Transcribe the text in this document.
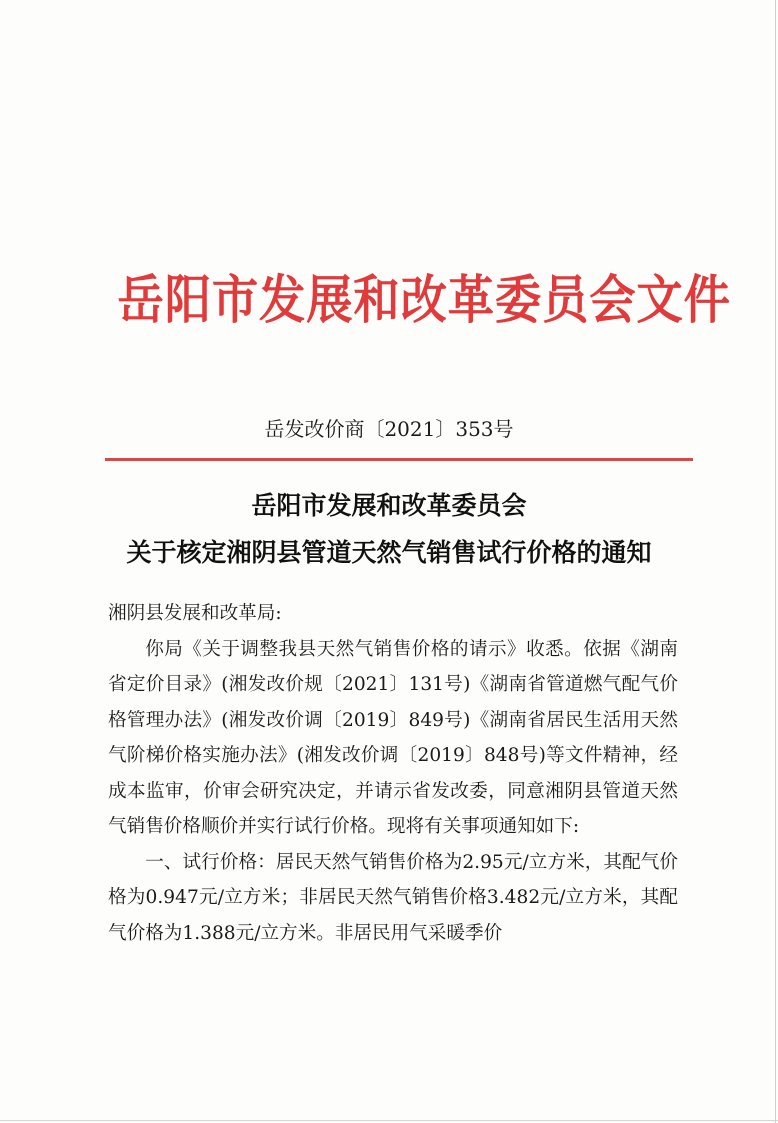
岳阳市发展和改革委员会文件
岳发改价商〔2021〕353号
岳阳市发展和改革委员会
关于核定湘阴县管道天然气销售试行价格的通知

湘阴县发展和改革局:

你局《关于调整我县天然气销售价格的请示》收悉。依据《湖南省定价目录》(湘发改价规〔2021〕131号)《湖南省管道燃气配气价格管理办法》(湘发改价调〔2019〕849号)《湖南省居民生活用天然气阶梯价格实施办法》(湘发改价调〔2019〕848号)等文件精神，经成本监审，价审会研究决定，并请示省发改委，同意湘阴县管道天然气销售价格顺价并实行试行价格。现将有关事项通知如下:

一、试行价格：居民天然气销售价格为2.95元/立方米，其配气价格为0.947元/立方米；非居民天然气销售价格3.482元/立方米，其配气价格为1.388元/立方米。非居民用气采暖季价
